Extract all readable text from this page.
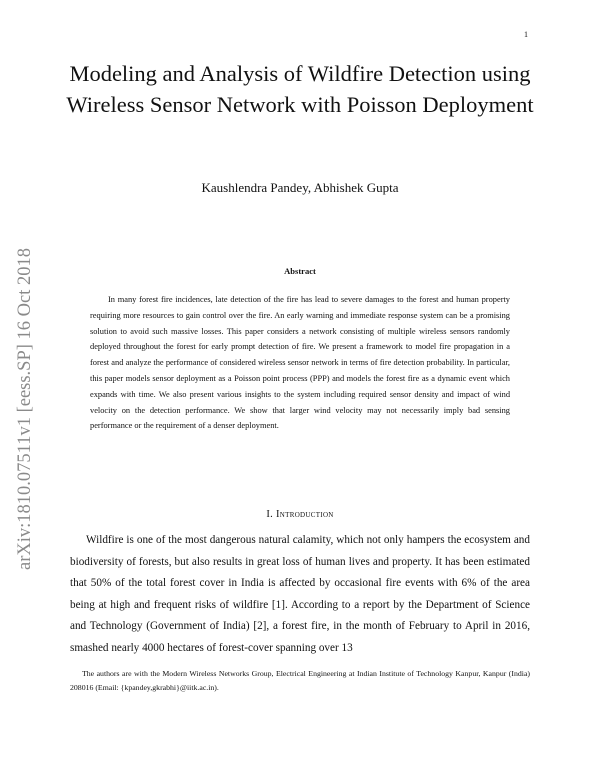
1
arXiv:1810.07511v1 [eess.SP] 16 Oct 2018
Modeling and Analysis of Wildfire Detection using Wireless Sensor Network with Poisson Deployment
Kaushlendra Pandey, Abhishek Gupta
Abstract

In many forest fire incidences, late detection of the fire has lead to severe damages to the forest and human property requiring more resources to gain control over the fire. An early warning and immediate response system can be a promising solution to avoid such massive losses. This paper considers a network consisting of multiple wireless sensors randomly deployed throughout the forest for early prompt detection of fire. We present a framework to model fire propagation in a forest and analyze the performance of considered wireless sensor network in terms of fire detection probability. In particular, this paper models sensor deployment as a Poisson point process (PPP) and models the forest fire as a dynamic event which expands with time. We also present various insights to the system including required sensor density and impact of wind velocity on the detection performance. We show that larger wind velocity may not necessarily imply bad sensing performance or the requirement of a denser deployment.

I. Introduction

Wildfire is one of the most dangerous natural calamity, which not only hampers the ecosystem and biodiversity of forests, but also results in great loss of human lives and property. It has been estimated that 50% of the total forest cover in India is affected by occasional fire events with 6% of the area being at high and frequent risks of wildfire [1]. According to a report by the Department of Science and Technology (Government of India) [2], a forest fire, in the month of February to April in 2016, smashed nearly 4000 hectares of forest-cover spanning over 13

The authors are with the Modern Wireless Networks Group, Electrical Engineering at Indian Institute of Technology Kanpur, Kanpur (India) 208016 (Email: {kpandey,gkrabhi}@iitk.ac.in).
